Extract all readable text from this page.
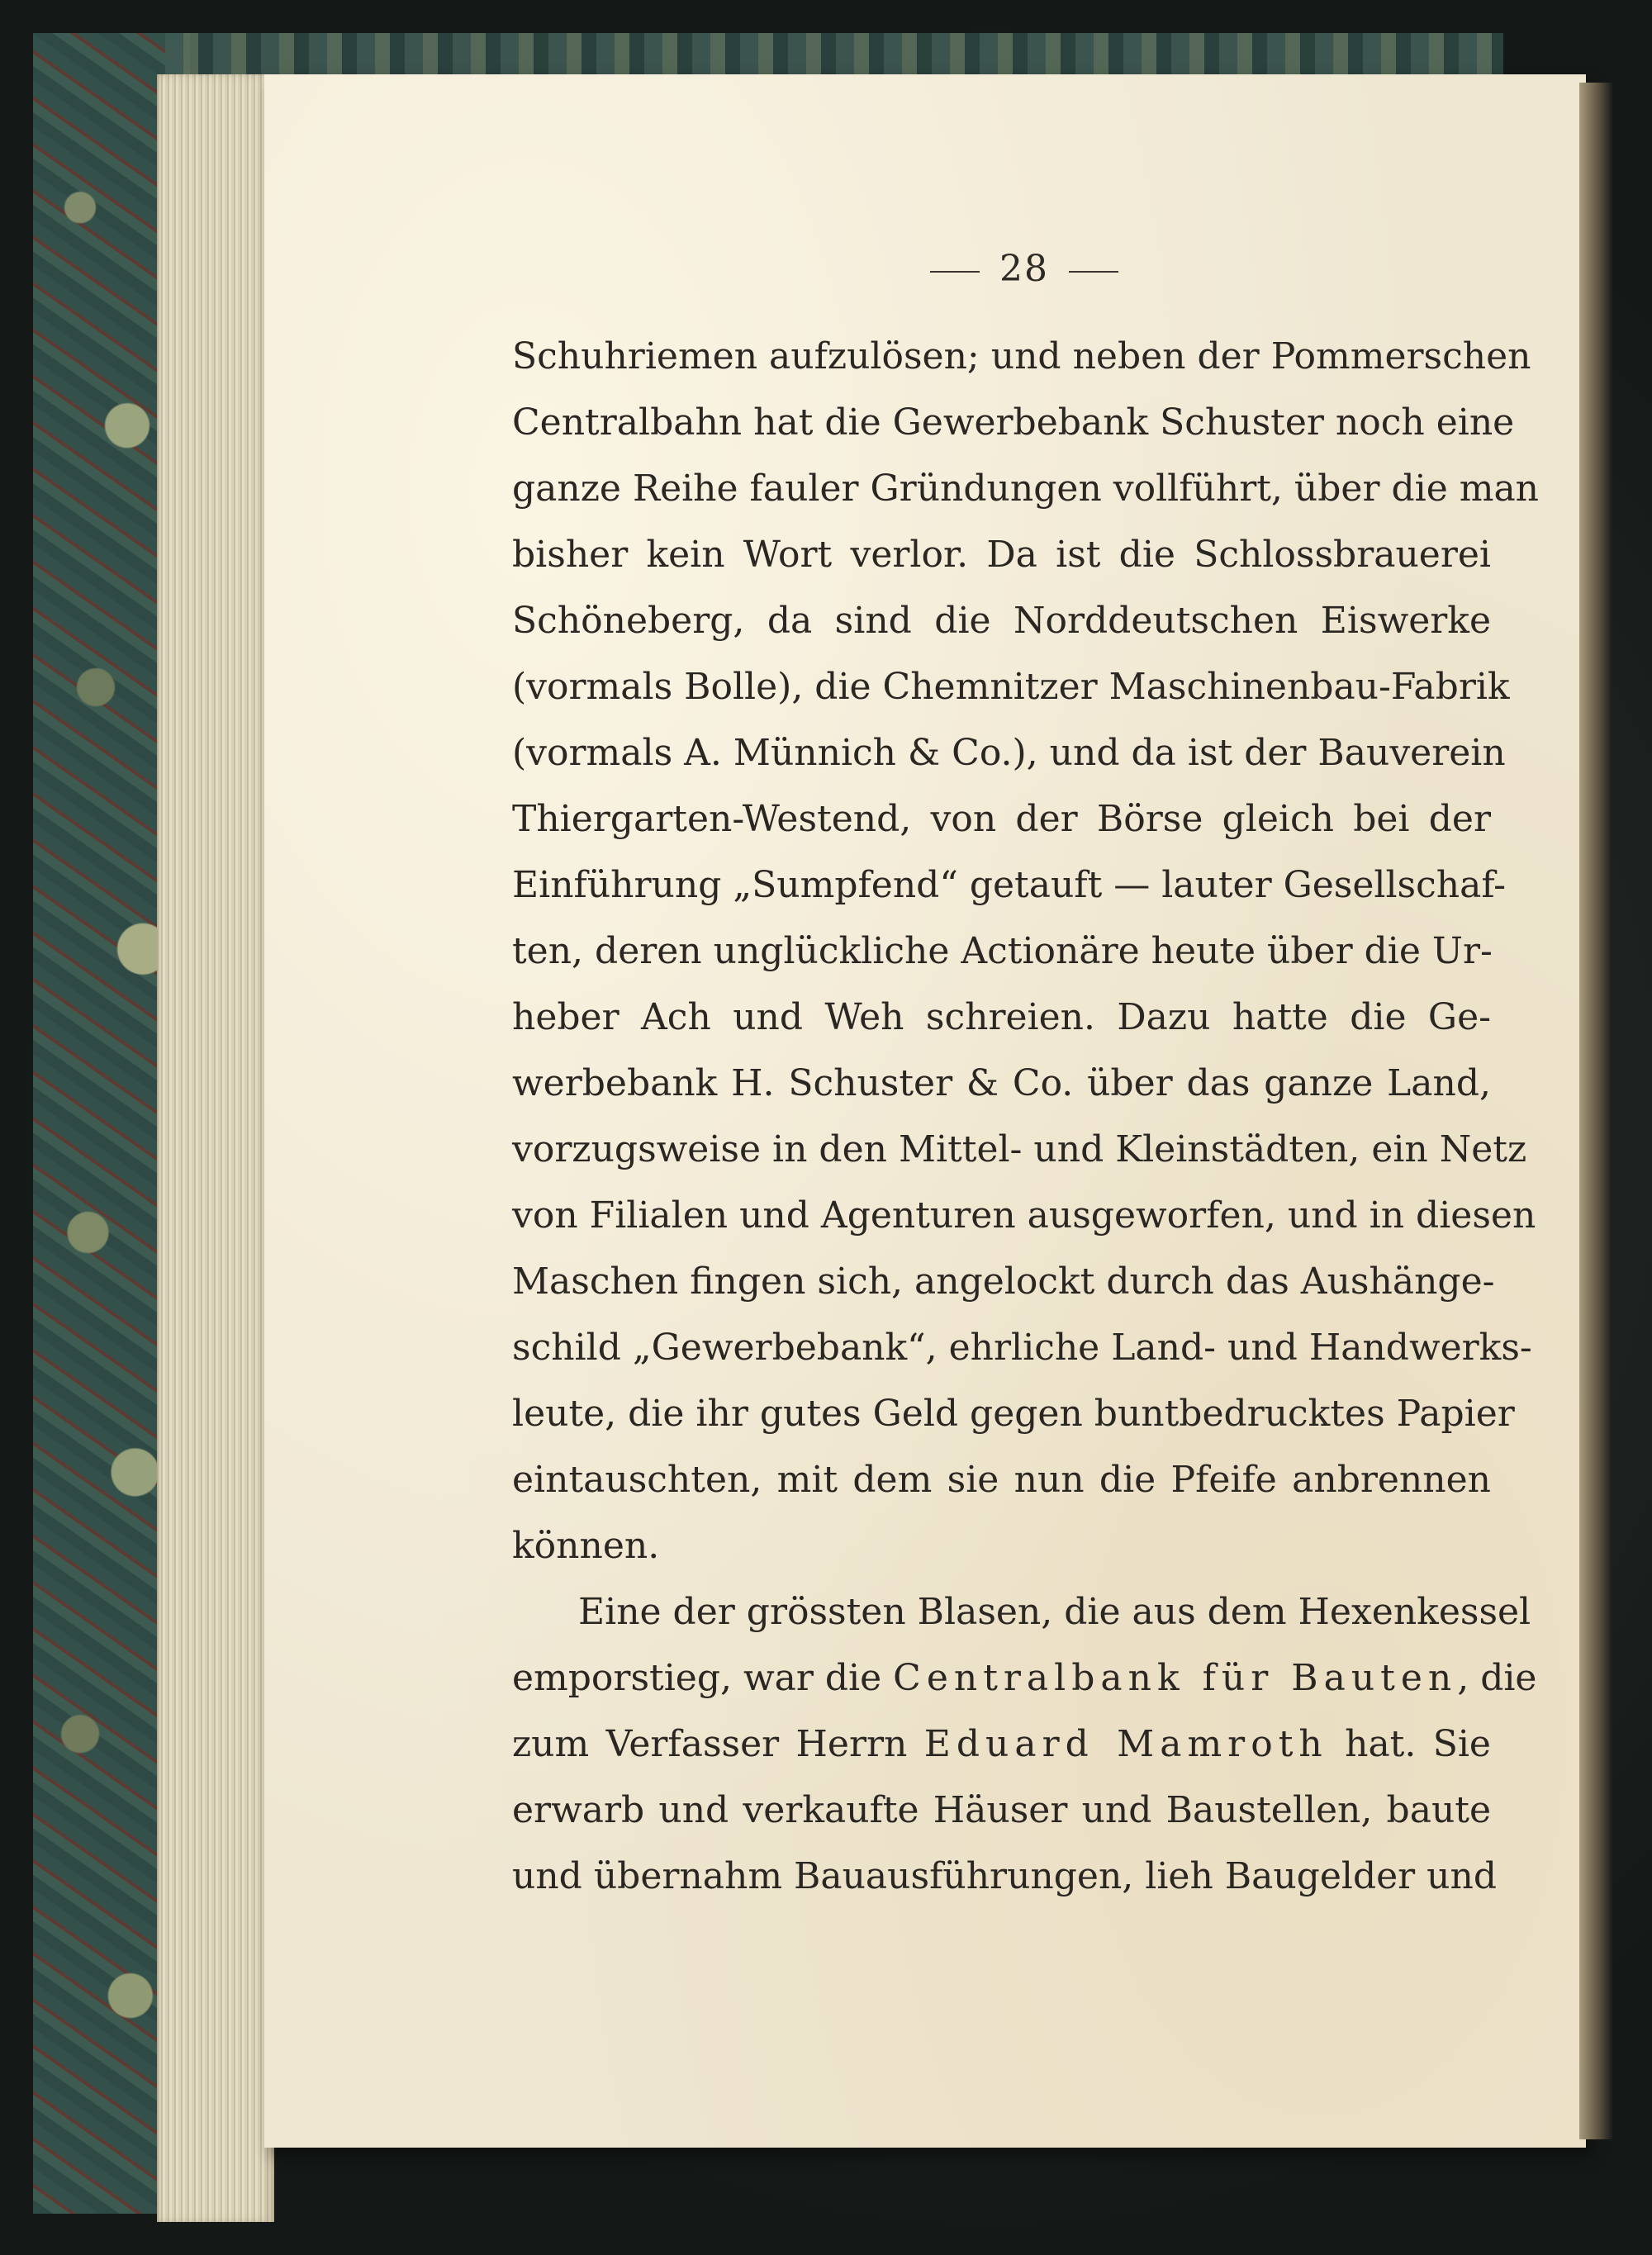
28
Schuhriemen aufzulösen; und neben der Pommerschen
Centralbahn hat die Gewerbebank Schuster noch eine
ganze Reihe fauler Gründungen vollführt, über die man
bisher kein Wort verlor. Da ist die Schlossbrauerei
Schöneberg, da sind die Norddeutschen Eiswerke
(vormals Bolle), die Chemnitzer Maschinenbau-Fabrik
(vormals A. Münnich & Co.), und da ist der Bauverein
Thiergarten-Westend, von der Börse gleich bei der
Einführung „Sumpfend“ getauft — lauter Gesellschaf-
ten, deren unglückliche Actionäre heute über die Ur-
heber Ach und Weh schreien. Dazu hatte die Ge-
werbebank H. Schuster & Co. über das ganze Land,
vorzugsweise in den Mittel- und Kleinstädten, ein Netz
von Filialen und Agenturen ausgeworfen, und in diesen
Maschen fingen sich, angelockt durch das Aushänge-
schild „Gewerbebank“, ehrliche Land- und Handwerks-
leute, die ihr gutes Geld gegen buntbedrucktes Papier
eintauschten, mit dem sie nun die Pfeife anbrennen
können.
Eine der grössten Blasen, die aus dem Hexenkessel
emporstieg, war die Centralbank für Bauten, die
zum Verfasser Herrn Eduard Mamroth hat. Sie
erwarb und verkaufte Häuser und Baustellen, baute
und übernahm Bauausführungen, lieh Baugelder und
